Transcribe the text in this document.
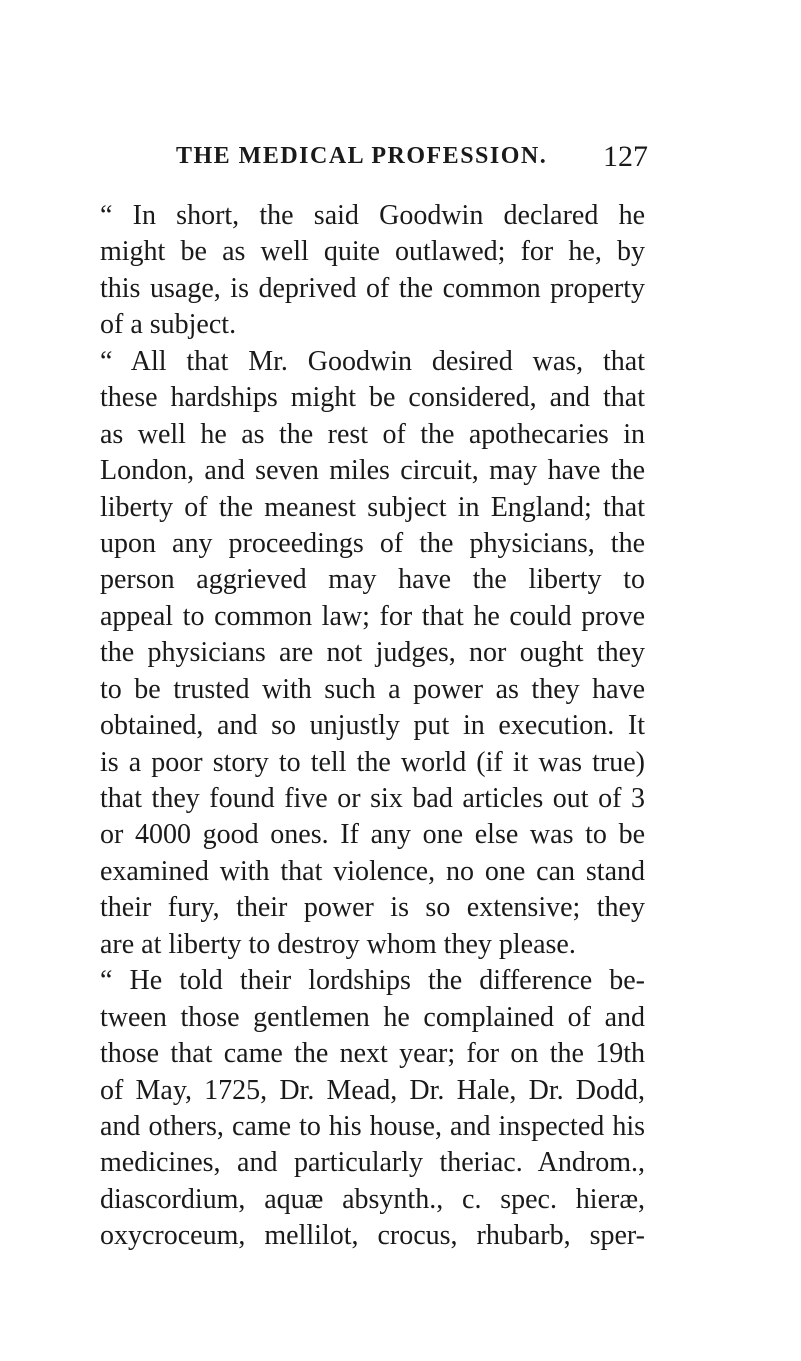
THE MEDICAL PROFESSION. 127
“ In short, the said Goodwin declared he
might be as well quite outlawed; for he, by
this usage, is deprived of the common property
of a subject.
“ All that Mr. Goodwin desired was, that
these hardships might be considered, and that
as well he as the rest of the apothecaries in
London, and seven miles circuit, may have the
liberty of the meanest subject in England; that
upon any proceedings of the physicians, the
person aggrieved may have the liberty to
appeal to common law; for that he could prove
the physicians are not judges, nor ought they
to be trusted with such a power as they have
obtained, and so unjustly put in execution. It
is a poor story to tell the world (if it was true)
that they found five or six bad articles out of 3
or 4000 good ones. If any one else was to be
examined with that violence, no one can stand
their fury, their power is so extensive; they
are at liberty to destroy whom they please.
“ He told their lordships the difference be-
tween those gentlemen he complained of and
those that came the next year; for on the 19th
of May, 1725, Dr. Mead, Dr. Hale, Dr. Dodd,
and others, came to his house, and inspected his
medicines, and particularly theriac. Androm.,
diascordium, aquæ absynth., c. spec. hieræ,
oxycroceum, mellilot, crocus, rhubarb, sper-
